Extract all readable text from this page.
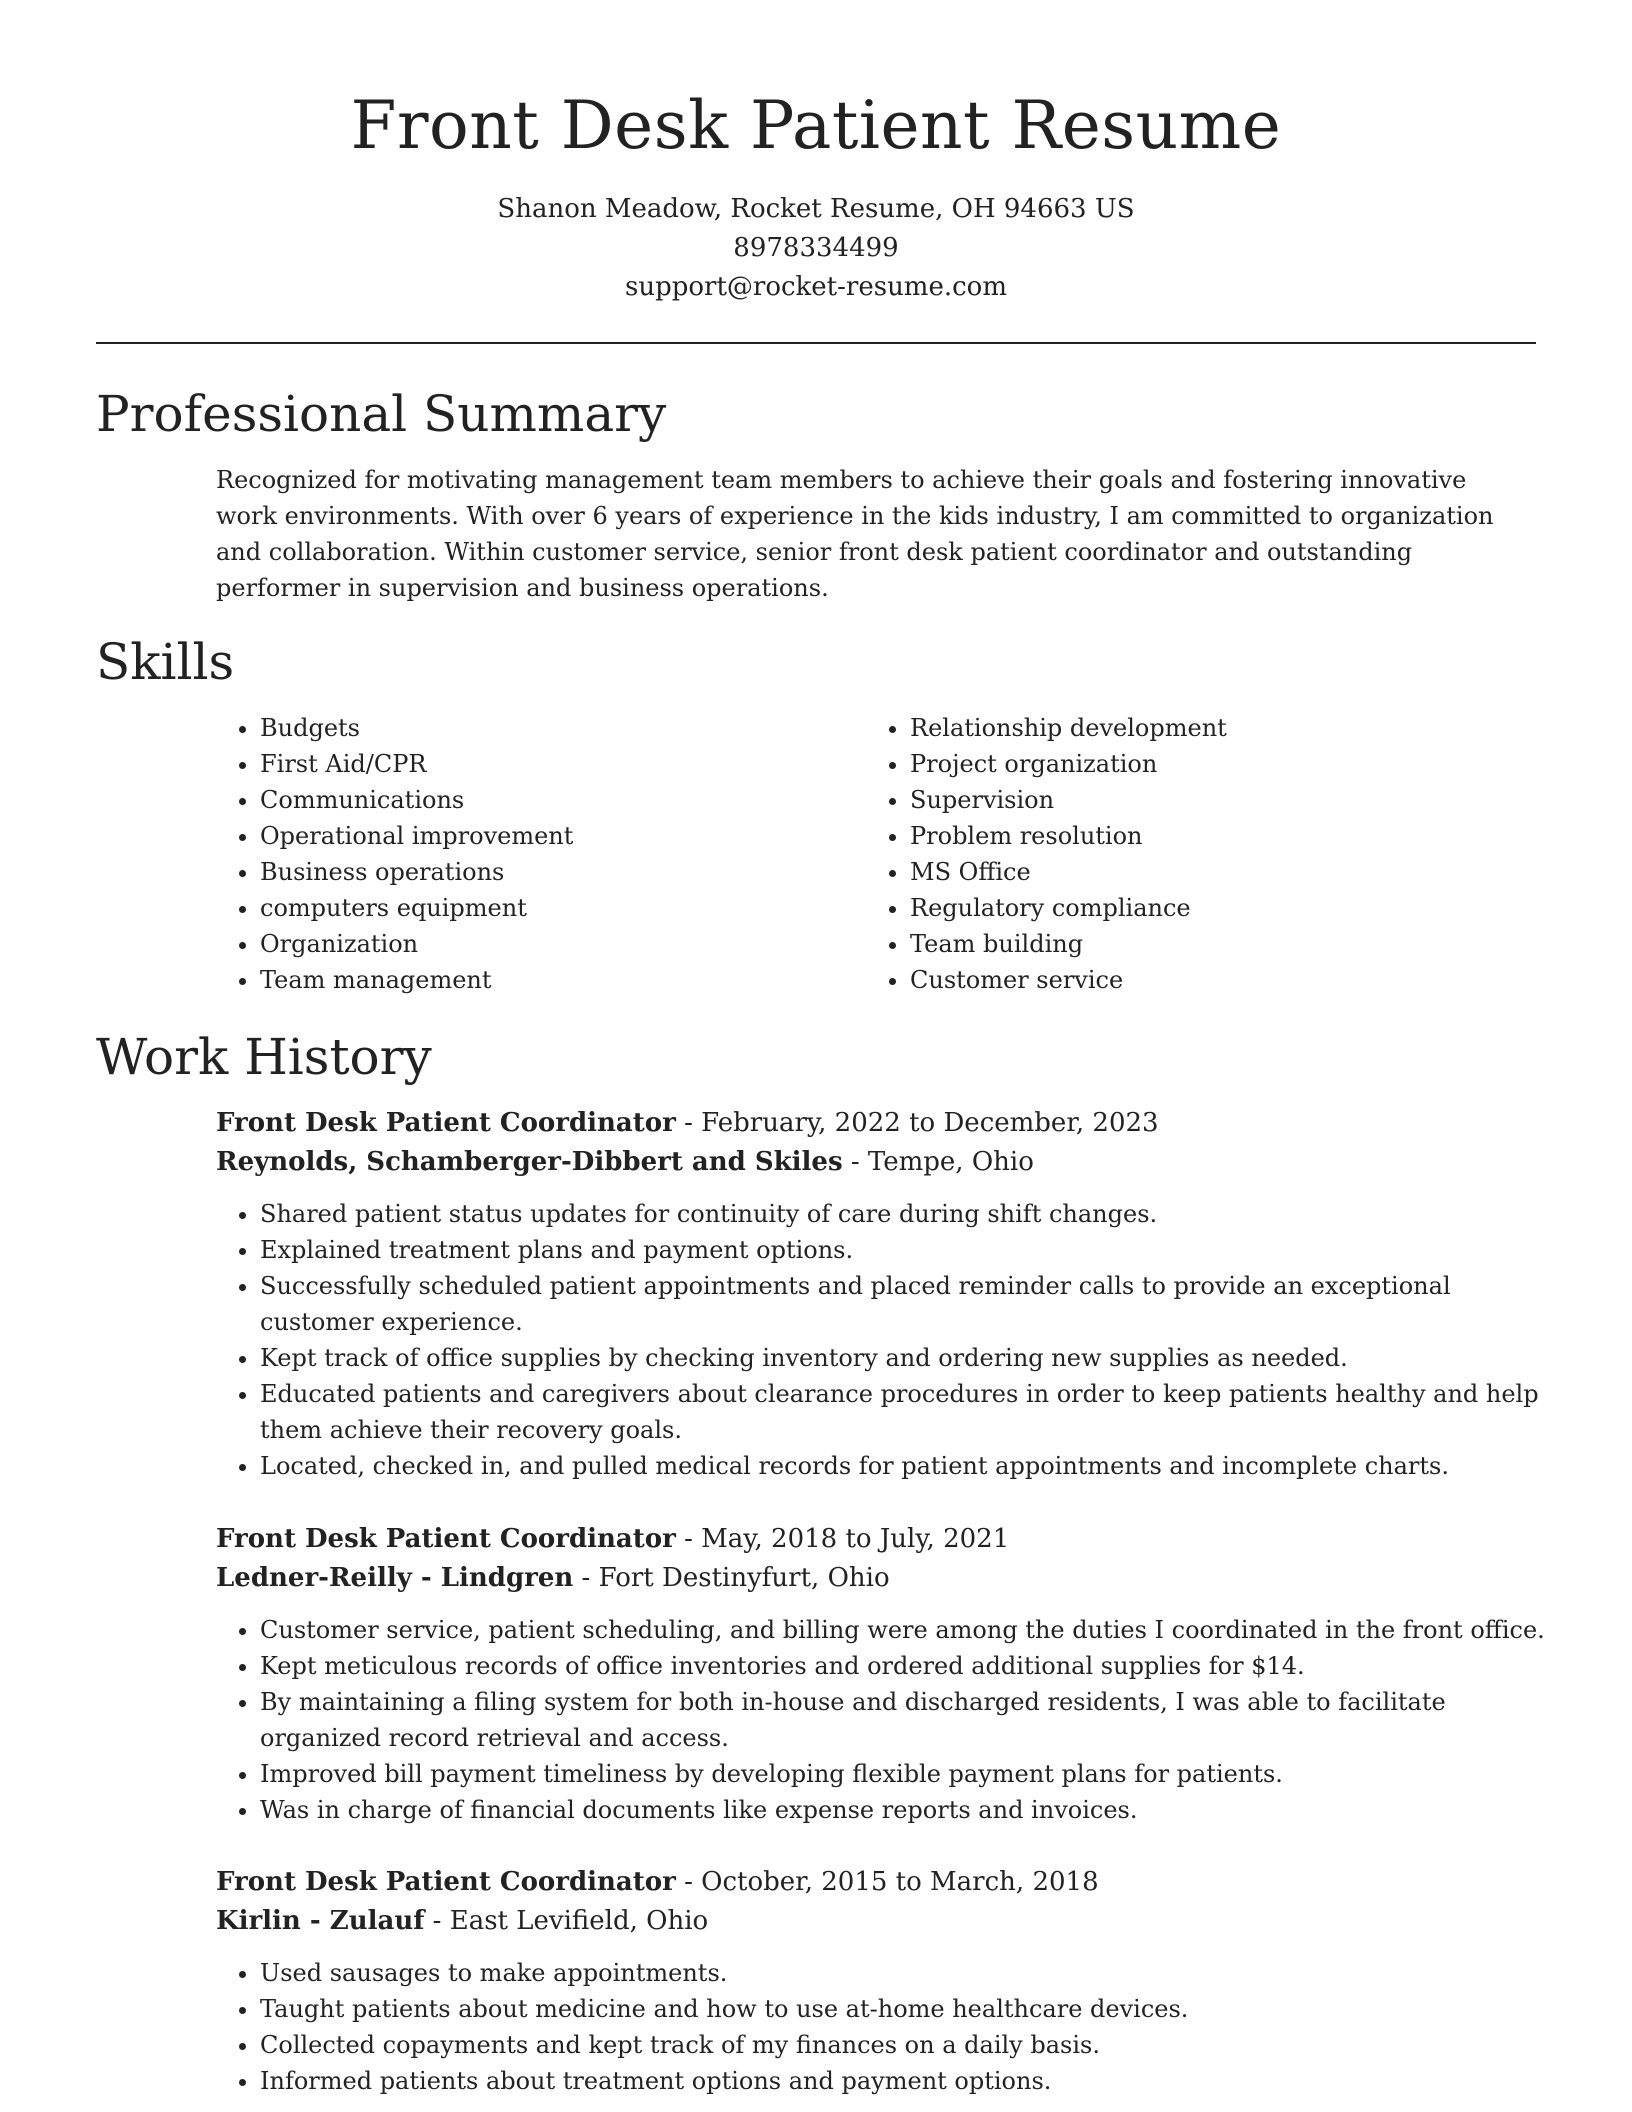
Front Desk Patient Resume
Shanon Meadow, Rocket Resume, OH 94663 US
8978334499
support@rocket-resume.com
Professional Summary

Recognized for motivating management team members to achieve their goals and fostering innovative work environments. With over 6 years of experience in the kids industry, I am committed to organization and collaboration. Within customer service, senior front desk patient coordinator and outstanding performer in supervision and business operations.

Skills
• Budgets
• First Aid/CPR
• Communications
• Operational improvement
• Business operations
• computers equipment
• Organization
• Team management
• Relationship development
• Project organization
• Supervision
• Problem resolution
• MS Office
• Regulatory compliance
• Team building
• Customer service
Work History
Front Desk Patient Coordinator - February, 2022 to December, 2023
Reynolds, Schamberger-Dibbert and Skiles - Tempe, Ohio
• Shared patient status updates for continuity of care during shift changes.
• Explained treatment plans and payment options.
• Successfully scheduled patient appointments and placed reminder calls to provide an exceptional customer experience.
• Kept track of office supplies by checking inventory and ordering new supplies as needed.
• Educated patients and caregivers about clearance procedures in order to keep patients healthy and help them achieve their recovery goals.
• Located, checked in, and pulled medical records for patient appointments and incomplete charts.
Front Desk Patient Coordinator - May, 2018 to July, 2021
Ledner-Reilly - Lindgren - Fort Destinyfurt, Ohio
• Customer service, patient scheduling, and billing were among the duties I coordinated in the front office.
• Kept meticulous records of office inventories and ordered additional supplies for $14.
• By maintaining a filing system for both in-house and discharged residents, I was able to facilitate organized record retrieval and access.
• Improved bill payment timeliness by developing flexible payment plans for patients.
• Was in charge of financial documents like expense reports and invoices.
Front Desk Patient Coordinator - October, 2015 to March, 2018
Kirlin - Zulauf - East Levifield, Ohio
• Used sausages to make appointments.
• Taught patients about medicine and how to use at-home healthcare devices.
• Collected copayments and kept track of my finances on a daily basis.
• Informed patients about treatment options and payment options.
